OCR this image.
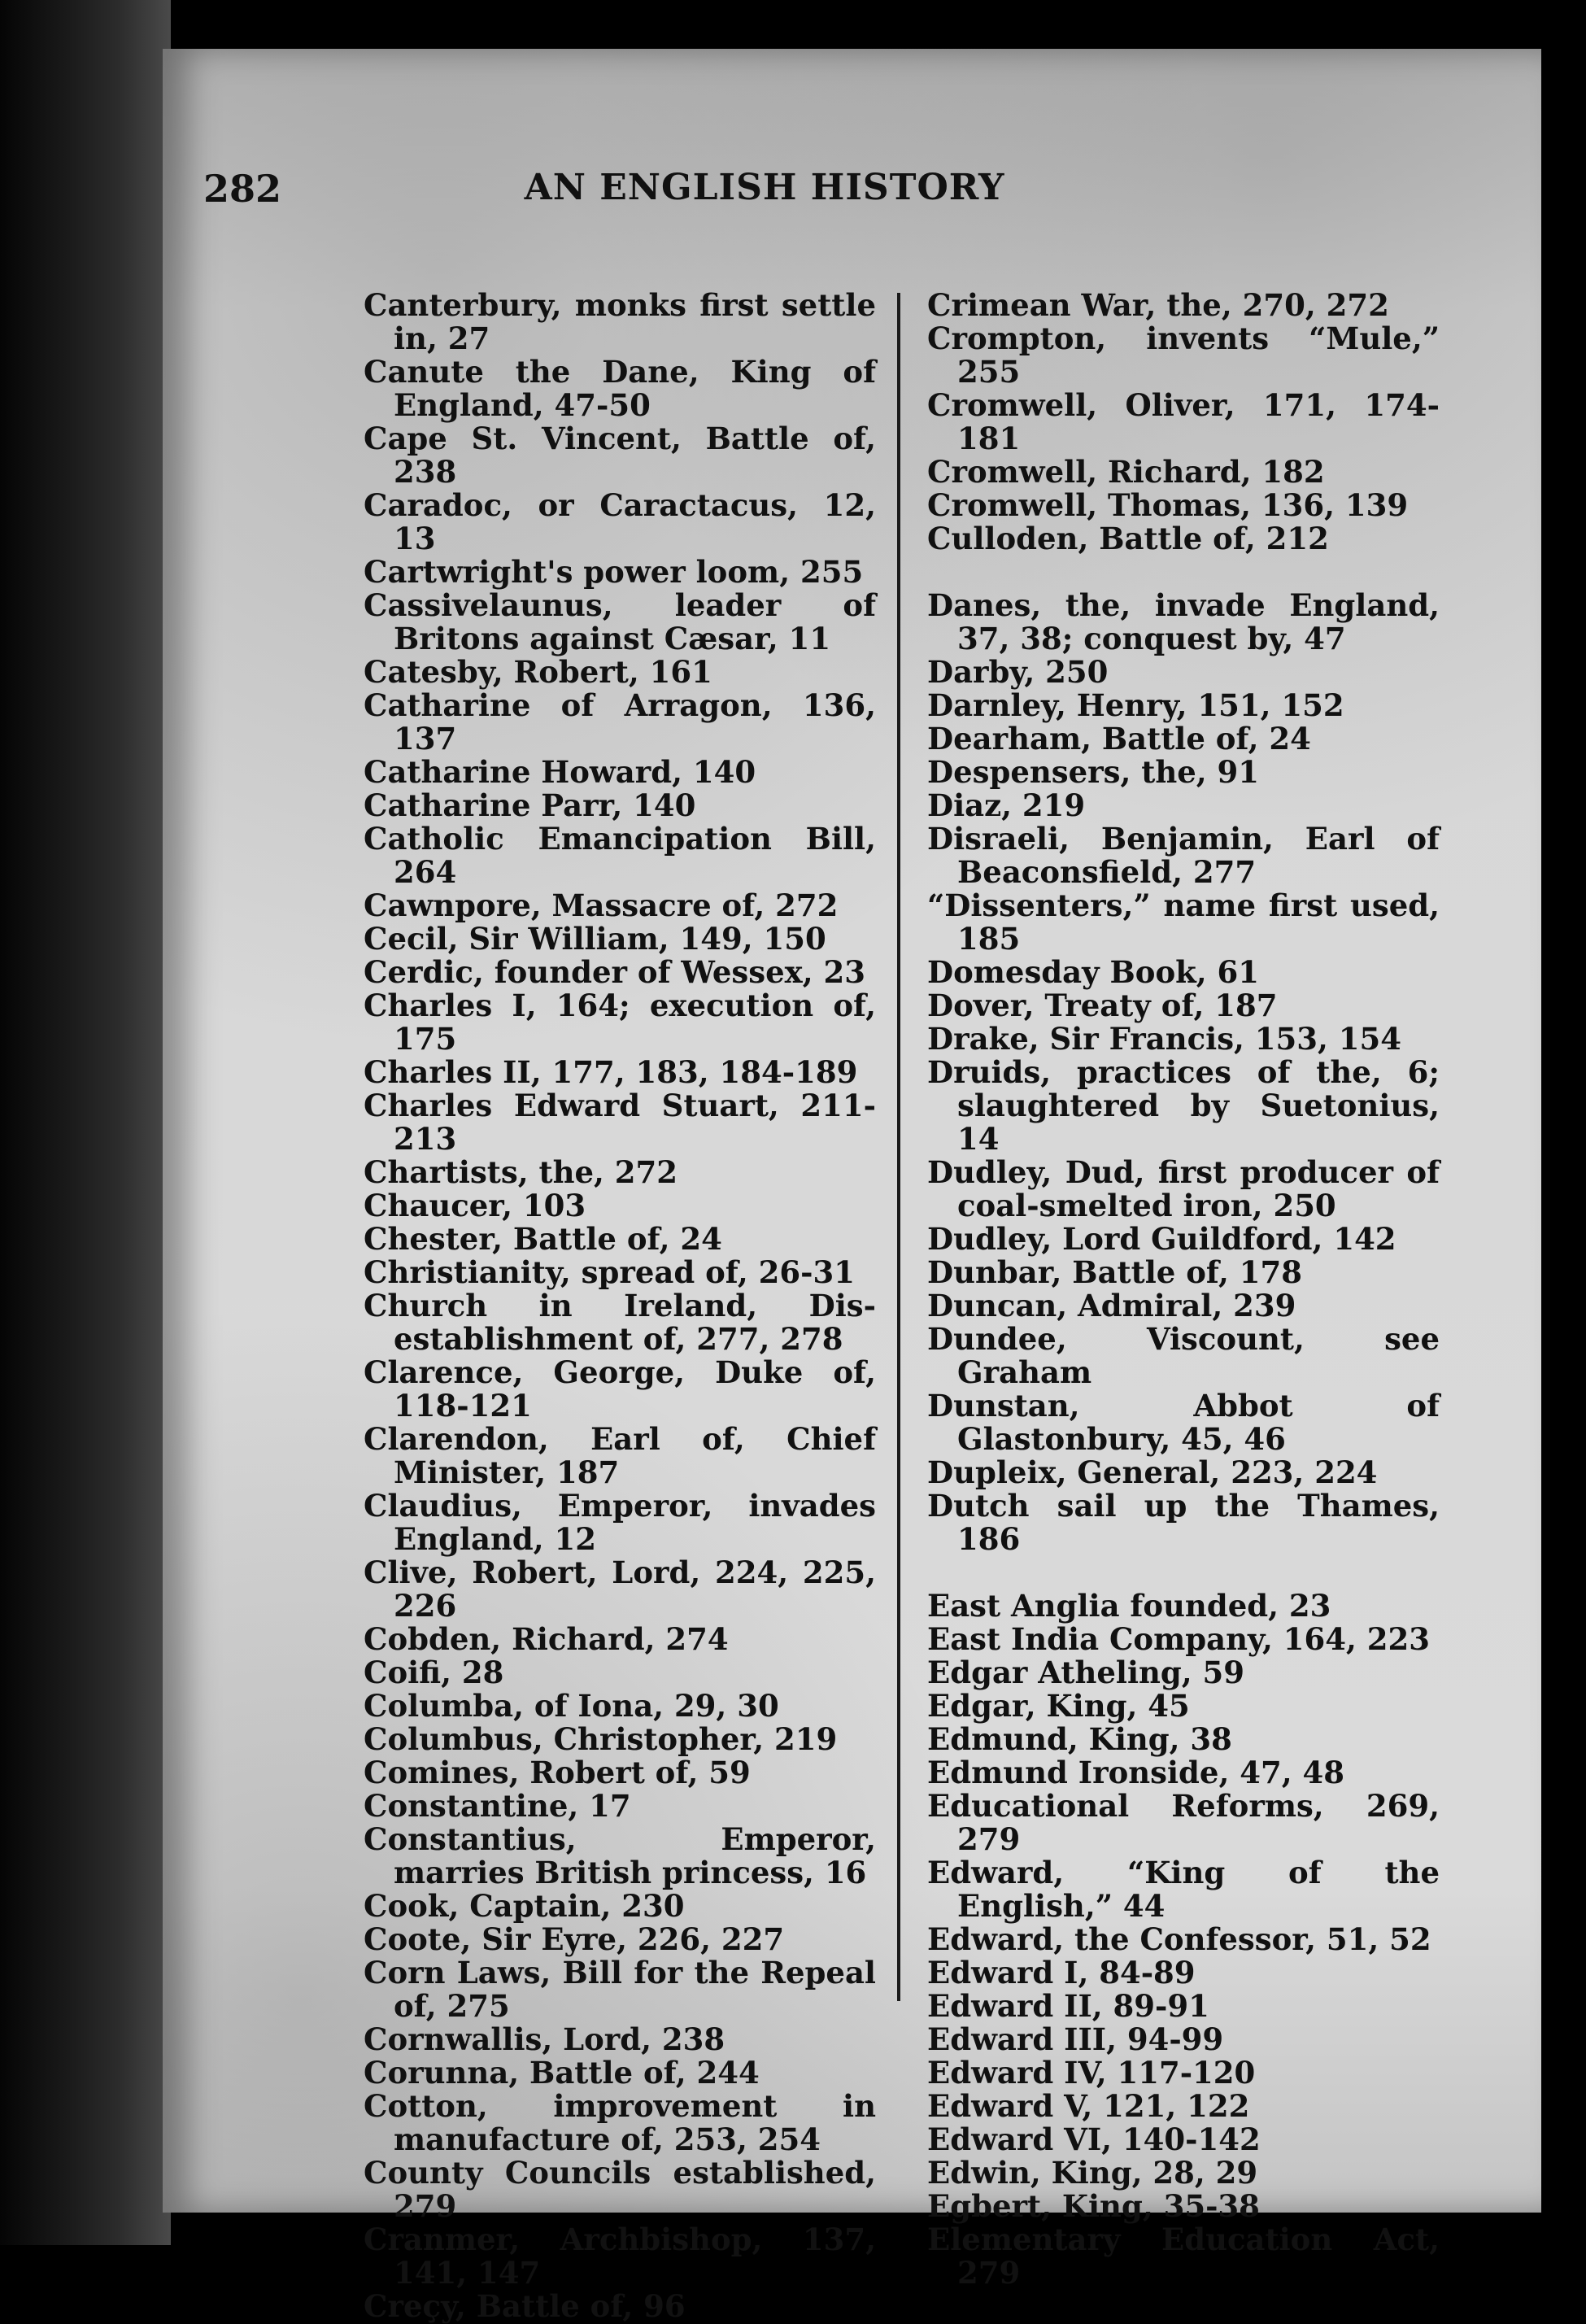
282	AN ENGLISH HISTORY
Canterbury, monks first settle in, 27
Canute the Dane, King of England, 47-50
Cape St. Vincent, Battle of, 238
Caradoc, or Caractacus, 12, 13
Cartwright's power loom, 255
Cassivelaunus, leader of Britons against Cæsar, 11
Catesby, Robert, 161
Catharine of Arragon, 136, 137
Catharine Howard, 140
Catharine Parr, 140
Catholic Emancipation Bill, 264
Cawnpore, Massacre of, 272
Cecil, Sir William, 149, 150
Cerdic, founder of Wessex, 23
Charles I, 164; execution of, 175
Charles II, 177, 183, 184-189
Charles Edward Stuart, 211-213
Chartists, the, 272
Chaucer, 103
Chester, Battle of, 24
Christianity, spread of, 26-31
Church in Ireland, Dis-establishment of, 277, 278
Clarence, George, Duke of, 118-121
Clarendon, Earl of, Chief Minister, 187
Claudius, Emperor, invades England, 12
Clive, Robert, Lord, 224, 225, 226
Cobden, Richard, 274
Coifi, 28
Columba, of Iona, 29, 30
Columbus, Christopher, 219
Comines, Robert of, 59
Constantine, 17
Constantius, Emperor, marries British princess, 16
Cook, Captain, 230
Coote, Sir Eyre, 226, 227
Corn Laws, Bill for the Repeal of, 275
Cornwallis, Lord, 238
Corunna, Battle of, 244
Cotton, improvement in manufacture of, 253, 254
County Councils established, 279
Cranmer, Archbishop, 137, 141, 147
Creçy, Battle of, 96
Crimean War, the, 270, 272
Crompton, invents “Mule,” 255
Cromwell, Oliver, 171, 174-181
Cromwell, Richard, 182
Cromwell, Thomas, 136, 139
Culloden, Battle of, 212
Danes, the, invade England, 37, 38; conquest by, 47
Darby, 250
Darnley, Henry, 151, 152
Dearham, Battle of, 24
Despensers, the, 91
Diaz, 219
Disraeli, Benjamin, Earl of Beaconsfield, 277
“Dissenters,” name first used, 185
Domesday Book, 61
Dover, Treaty of, 187
Drake, Sir Francis, 153, 154
Druids, practices of the, 6; slaughtered by Suetonius, 14
Dudley, Dud, first producer of coal-smelted iron, 250
Dudley, Lord Guildford, 142
Dunbar, Battle of, 178
Duncan, Admiral, 239
Dundee, Viscount, see Graham
Dunstan, Abbot of Glastonbury, 45, 46
Dupleix, General, 223, 224
Dutch sail up the Thames, 186
East Anglia founded, 23
East India Company, 164, 223
Edgar Atheling, 59
Edgar, King, 45
Edmund, King, 38
Edmund Ironside, 47, 48
Educational Reforms, 269, 279
Edward, “King of the English,” 44
Edward, the Confessor, 51, 52
Edward I, 84-89
Edward II, 89-91
Edward III, 94-99
Edward IV, 117-120
Edward V, 121, 122
Edward VI, 140-142
Edwin, King, 28, 29
Egbert, King, 35-38
Elementary Education Act, 279
